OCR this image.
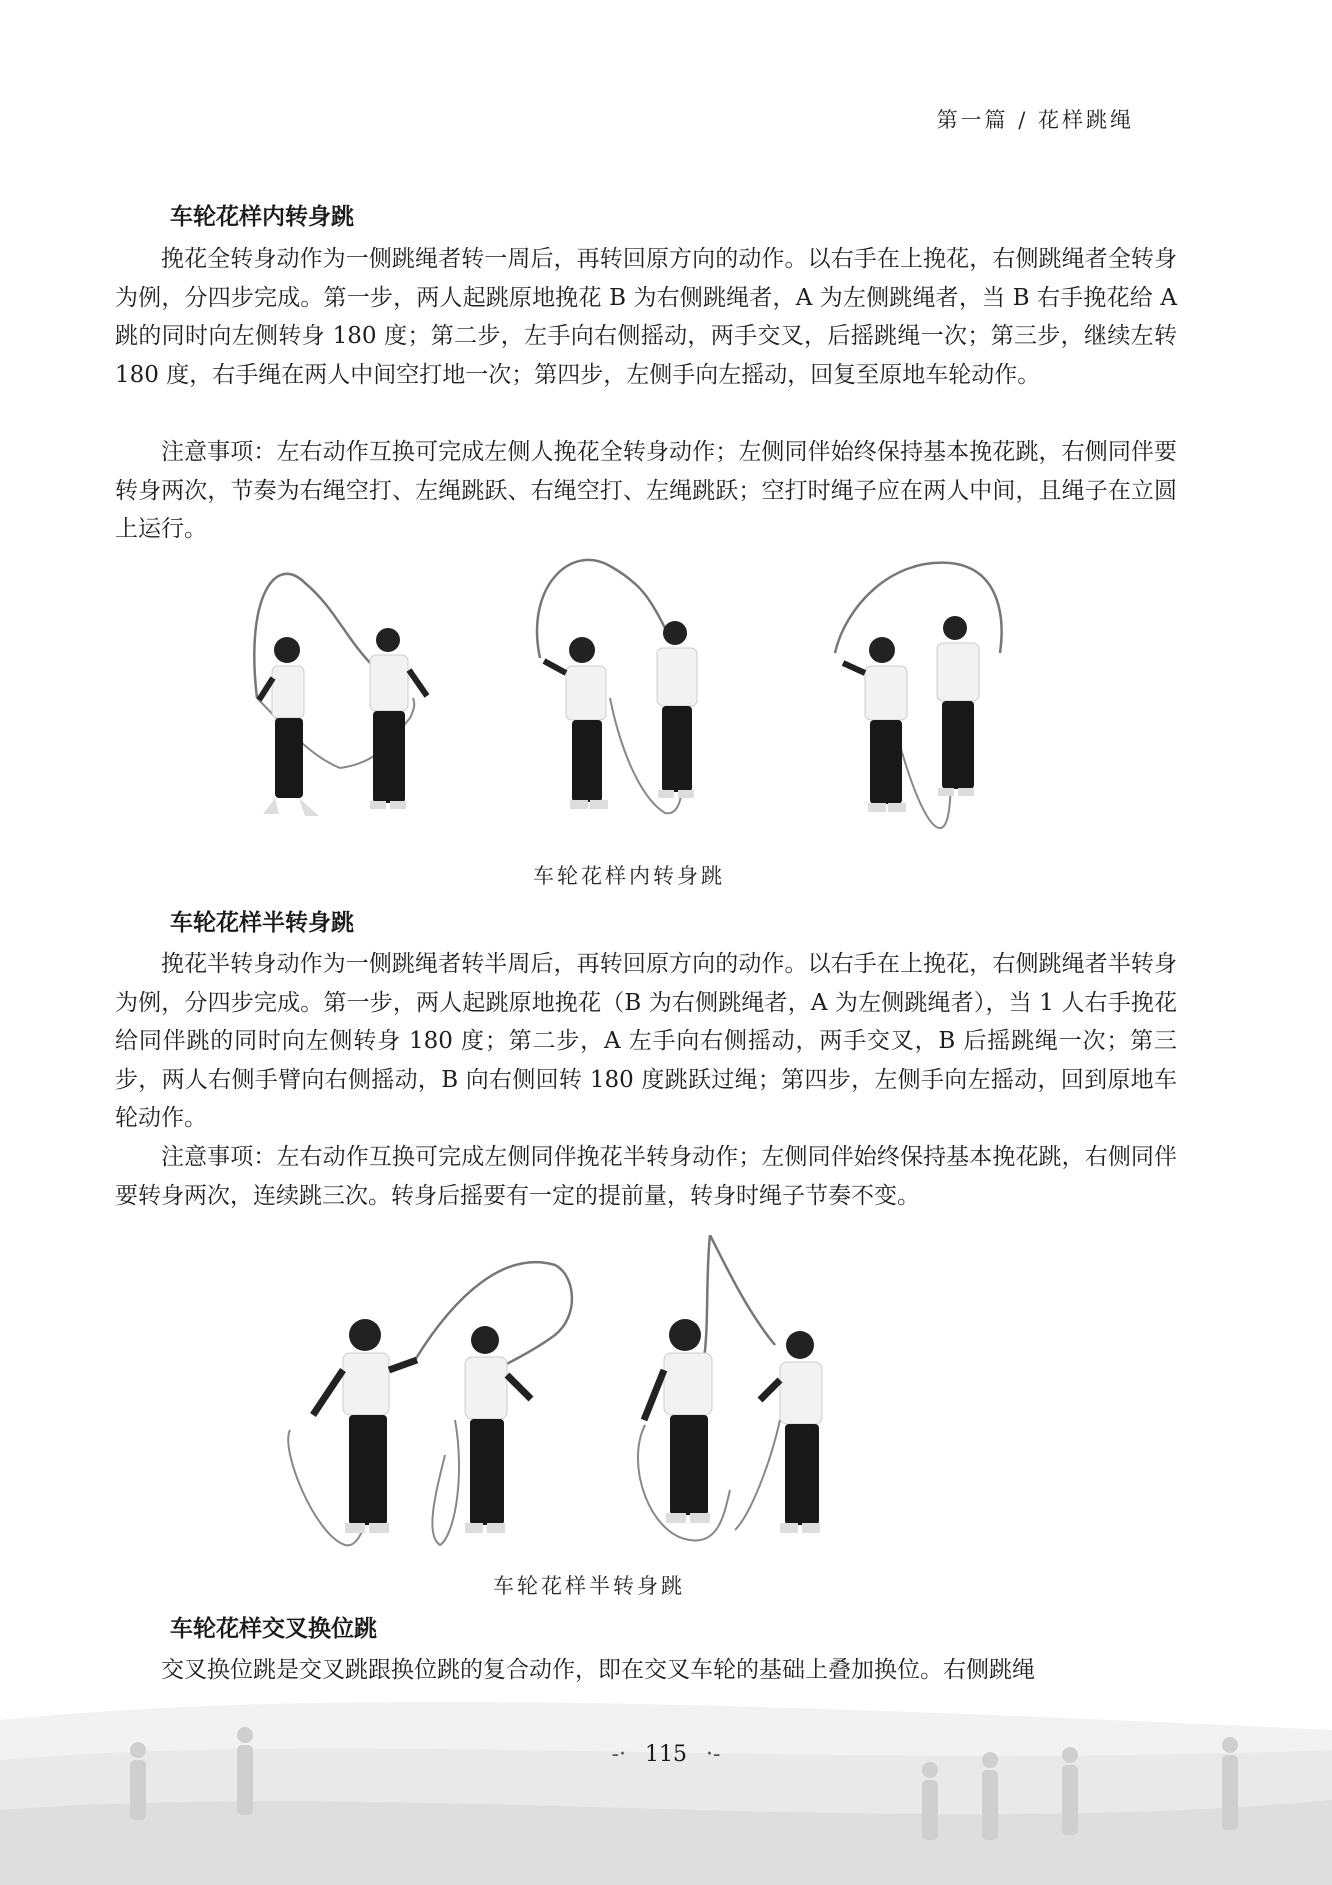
第一篇 / 花样跳绳
车轮花样内转身跳

挽花全转身动作为一侧跳绳者转一周后，再转回原方向的动作。以右手在上挽花，右侧跳绳者全转身为例，分四步完成。第一步，两人起跳原地挽花 B 为右侧跳绳者，A 为左侧跳绳者，当 B 右手挽花给 A 跳的同时向左侧转身 180 度；第二步，左手向右侧摇动，两手交叉，后摇跳绳一次；第三步，继续左转 180 度，右手绳在两人中间空打地一次；第四步，左侧手向左摇动，回复至原地车轮动作。

注意事项：左右动作互换可完成左侧人挽花全转身动作；左侧同伴始终保持基本挽花跳，右侧同伴要转身两次，节奏为右绳空打、左绳跳跃、右绳空打、左绳跳跃；空打时绳子应在两人中间，且绳子在立圆上运行。

车轮花样内转身跳
车轮花样半转身跳

挽花半转身动作为一侧跳绳者转半周后，再转回原方向的动作。以右手在上挽花，右侧跳绳者半转身为例，分四步完成。第一步，两人起跳原地挽花（B 为右侧跳绳者，A 为左侧跳绳者），当 1 人右手挽花给同伴跳的同时向左侧转身 180 度；第二步，A 左手向右侧摇动，两手交叉，B 后摇跳绳一次；第三步，两人右侧手臂向右侧摇动，B 向右侧回转 180 度跳跃过绳；第四步，左侧手向左摇动，回到原地车轮动作。

注意事项：左右动作互换可完成左侧同伴挽花半转身动作；左侧同伴始终保持基本挽花跳，右侧同伴要转身两次，连续跳三次。转身后摇要有一定的提前量，转身时绳子节奏不变。

车轮花样半转身跳
车轮花样交叉换位跳

交叉换位跳是交叉跳跟换位跳的复合动作，即在交叉车轮的基础上叠加换位。右侧跳绳

-· 115 ·-
